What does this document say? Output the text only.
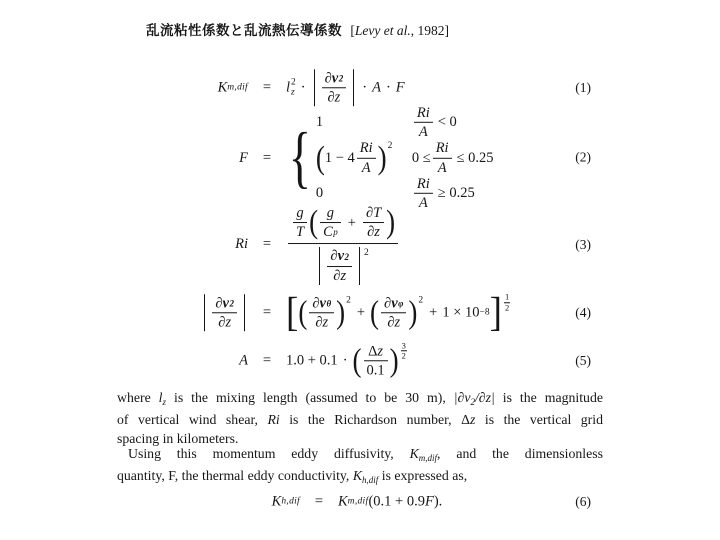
乱流粘性係数と乱流熱伝導係数 [Levy et al., 1982]
K m,dif	=	l 2
$z \cdot \frac{\partial v 2}{\partial z} \cdot A \cdot F$	(1)
F	= { 1	$\frac{Ri}{A} < 0$
( $1 - 4 \frac{Ri}{A}$ ) 2
$0 \le \frac{Ri}{A} \le 0.25$
0	$\frac{Ri}{A} \ge 0.25$
(2)
Ri	=
$\frac{g}{T}$ ( $\frac{g}{\text{C p}} + \frac{\partial T}{\partial z}$ )
$\frac{\partial v 2}{\partial z} 2$
(3)
$\frac{\partial v 2}{\partial z}$	= [ ( $\frac{\text{∂v θ}}{\partial z}$ ) 2
+ ( $\frac{\text{∂v φ}}{\partial z}$ ) 2
+ 1 × 10 −8 ] 1
2	(4)
A	=	1.0 + 0.1 · ( $\frac{\text{Δ z}}{0.1}$ ) 3
2	(5)
where $l_z$ is the mixing length (assumed to be 30 m), $|\partial v_2/\partial z|$ is the magnitude
of vertical wind shear, Ri is the Richardson number, Δz is the vertical grid
spacing in kilometers.
Using this momentum eddy diffusivity, $K_{m,dif}$, and the dimensionless
quantity, F, the thermal eddy conductivity, $K_{h,dif}$ is expressed as,
K h,dif	=	K m,dif (0.1 + 0.9 F ).	(6)
